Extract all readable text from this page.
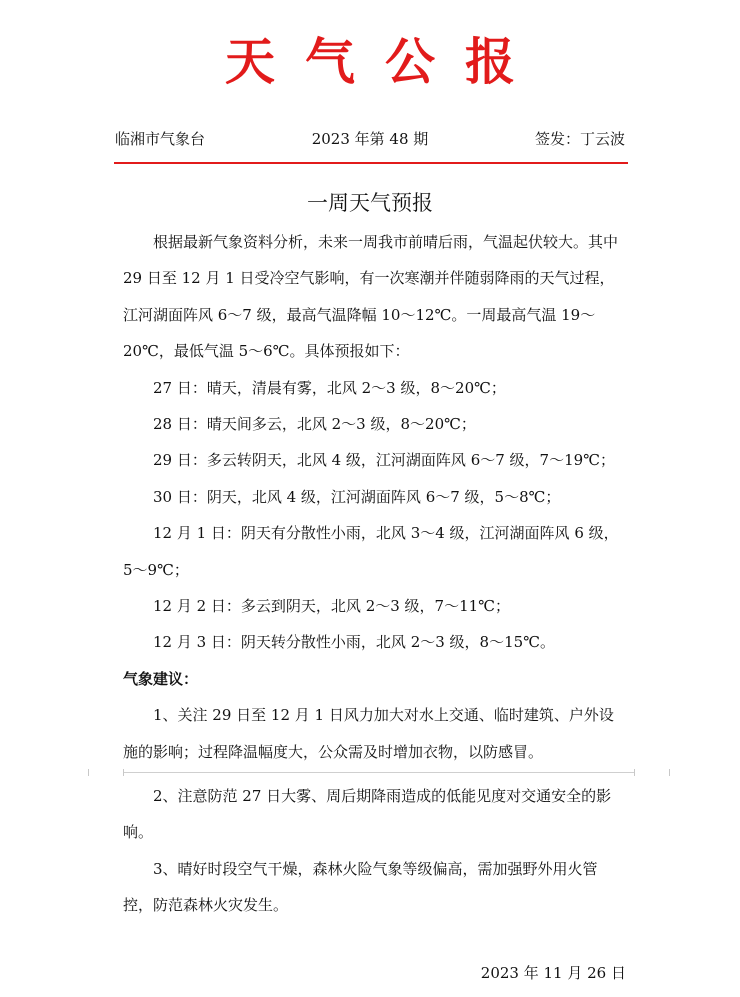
天气公报
临湘市气象台	2023 年第 48 期	签发：丁云波
一周天气预报

根据最新气象资料分析，未来一周我市前晴后雨，气温起伏较大。其中 29 日至 12 月 1 日受冷空气影响，有一次寒潮并伴随弱降雨的天气过程，江河湖面阵风 6～7 级，最高气温降幅 10～12℃。一周最高气温 19～20℃，最低气温 5～6℃。具体预报如下：

27 日：晴天，清晨有雾，北风 2～3 级，8～20℃；

28 日：晴天间多云，北风 2～3 级，8～20℃；

29 日：多云转阴天，北风 4 级，江河湖面阵风 6～7 级，7～19℃；

30 日：阴天，北风 4 级，江河湖面阵风 6～7 级，5～8℃；

12 月 1 日：阴天有分散性小雨，北风 3～4 级，江河湖面阵风 6 级，5～9℃；

12 月 2 日：多云到阴天，北风 2～3 级，7～11℃；

12 月 3 日：阴天转分散性小雨，北风 2～3 级，8～15℃。

气象建议：

1、关注 29 日至 12 月 1 日风力加大对水上交通、临时建筑、户外设施的影响；过程降温幅度大，公众需及时增加衣物，以防感冒。

2、注意防范 27 日大雾、周后期降雨造成的低能见度对交通安全的影响。

3、晴好时段空气干燥，森林火险气象等级偏高，需加强野外用火管控，防范森林火灾发生。

2023 年 11 月 26 日
